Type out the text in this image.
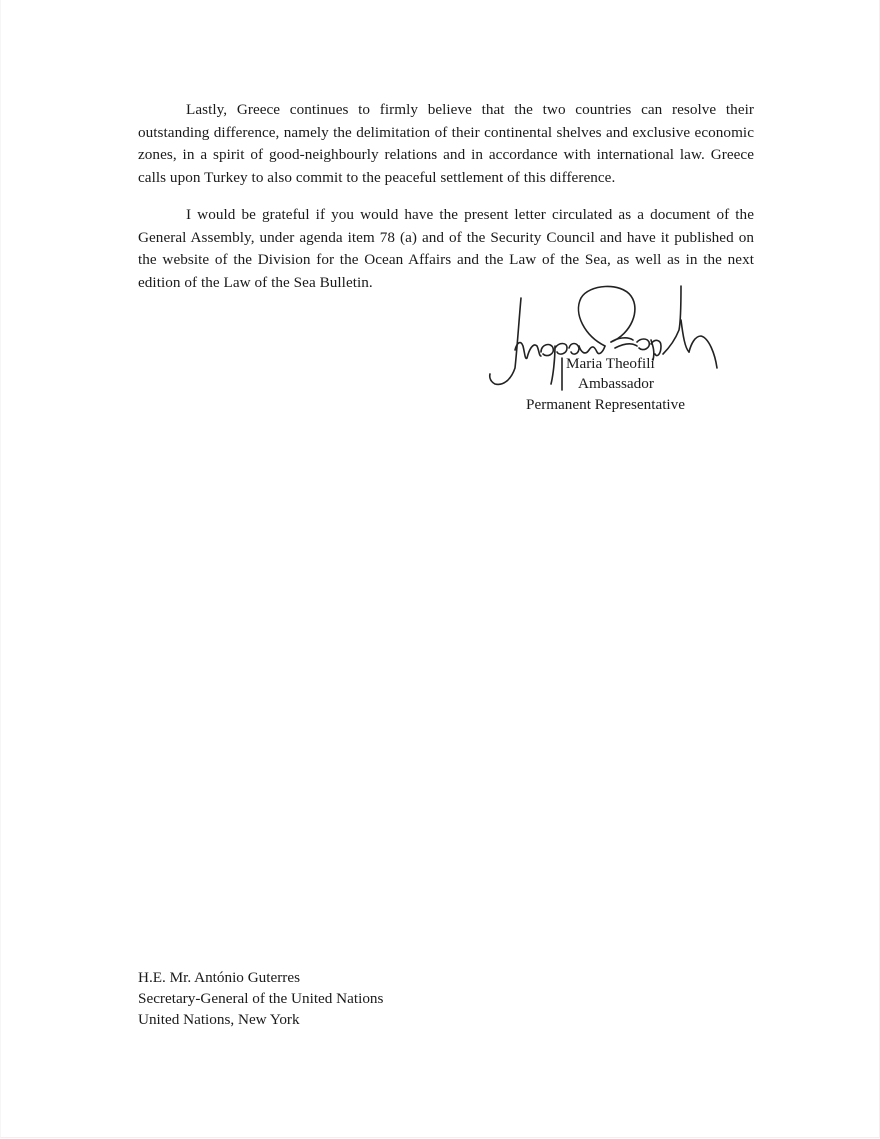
Lastly, Greece continues to firmly believe that the two countries can resolve their outstanding difference, namely the delimitation of their continental shelves and exclusive economic zones, in a spirit of good-neighbourly relations and in accordance with international law. Greece calls upon Turkey to also commit to the peaceful settlement of this difference.

I would be grateful if you would have the present letter circulated as a document of the General Assembly, under agenda item 78 (a) and of the Security Council and have it published on the website of the Division for the Ocean Affairs and the Law of the Sea, as well as in the next edition of the Law of the Sea Bulletin.

Maria Theofili
Ambassador
Permanent Representative
H.E. Mr. António Guterres
Secretary-General of the United Nations
United Nations, New York
